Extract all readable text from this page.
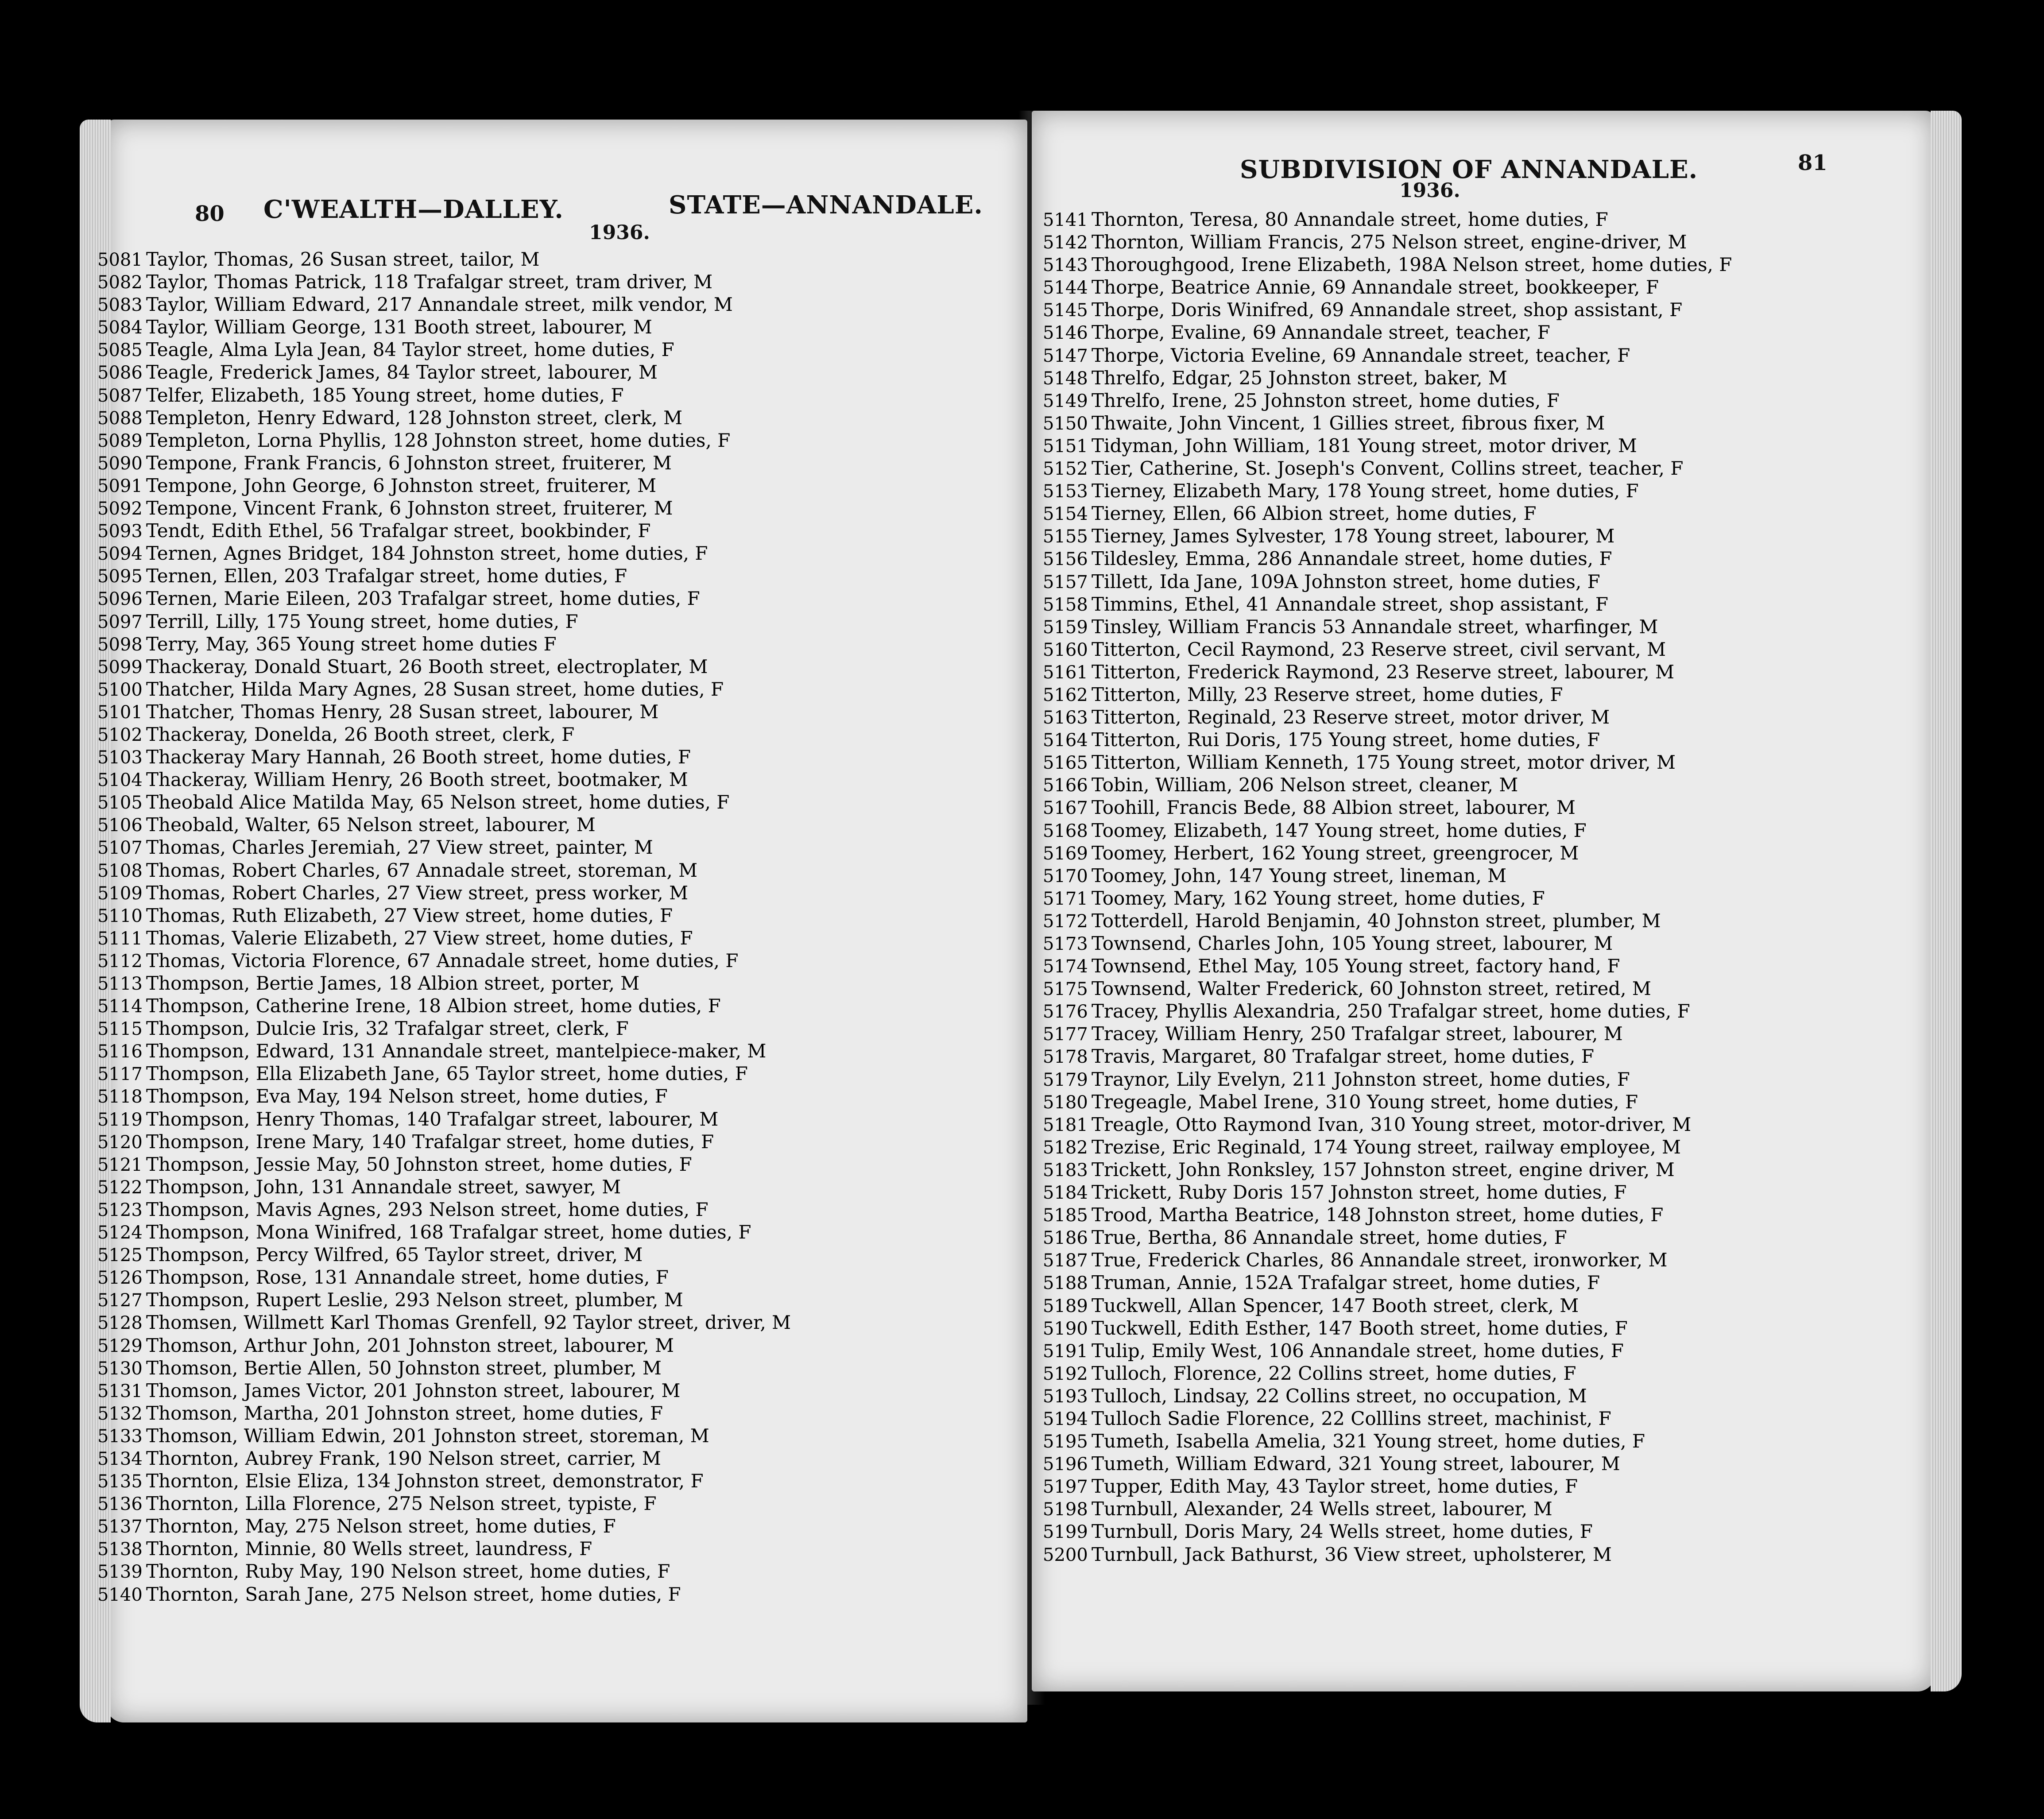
80 C'WEALTH—DALLEY.	STATE—ANNANDALE.
1936.
SUBDIVISION OF ANNANDALE.	81
1936.
5081 Taylor, Thomas, 26 Susan street, tailor, M
5082 Taylor, Thomas Patrick, 118 Trafalgar street, tram driver, M
5083 Taylor, William Edward, 217 Annandale street, milk vendor, M
5084 Taylor, William George, 131 Booth street, labourer, M
5085 Teagle, Alma Lyla Jean, 84 Taylor street, home duties, F
5086 Teagle, Frederick James, 84 Taylor street, labourer, M
5087 Telfer, Elizabeth, 185 Young street, home duties, F
5088 Templeton, Henry Edward, 128 Johnston street, clerk, M
5089 Templeton, Lorna Phyllis, 128 Johnston street, home duties, F
5090 Tempone, Frank Francis, 6 Johnston street, fruiterer, M
5091 Tempone, John George, 6 Johnston street, fruiterer, M
5092 Tempone, Vincent Frank, 6 Johnston street, fruiterer, M
5093 Tendt, Edith Ethel, 56 Trafalgar street, bookbinder, F
5094 Ternen, Agnes Bridget, 184 Johnston street, home duties, F
5095 Ternen, Ellen, 203 Trafalgar street, home duties, F
5096 Ternen, Marie Eileen, 203 Trafalgar street, home duties, F
5097 Terrill, Lilly, 175 Young street, home duties, F
5098 Terry, May, 365 Young street home duties F
5099 Thackeray, Donald Stuart, 26 Booth street, electroplater, M
5100 Thatcher, Hilda Mary Agnes, 28 Susan street, home duties, F
5101 Thatcher, Thomas Henry, 28 Susan street, labourer, M
5102 Thackeray, Donelda, 26 Booth street, clerk, F
5103 Thackeray Mary Hannah, 26 Booth street, home duties, F
5104 Thackeray, William Henry, 26 Booth street, bootmaker, M
5105 Theobald Alice Matilda May, 65 Nelson street, home duties, F
5106 Theobald, Walter, 65 Nelson street, labourer, M
5107 Thomas, Charles Jeremiah, 27 View street, painter, M
5108 Thomas, Robert Charles, 67 Annadale street, storeman, M
5109 Thomas, Robert Charles, 27 View street, press worker, M
5110 Thomas, Ruth Elizabeth, 27 View street, home duties, F
5111 Thomas, Valerie Elizabeth, 27 View street, home duties, F
5112 Thomas, Victoria Florence, 67 Annadale street, home duties, F
5113 Thompson, Bertie James, 18 Albion street, porter, M
5114 Thompson, Catherine Irene, 18 Albion street, home duties, F
5115 Thompson, Dulcie Iris, 32 Trafalgar street, clerk, F
5116 Thompson, Edward, 131 Annandale street, mantelpiece-maker, M
5117 Thompson, Ella Elizabeth Jane, 65 Taylor street, home duties, F
5118 Thompson, Eva May, 194 Nelson street, home duties, F
5119 Thompson, Henry Thomas, 140 Trafalgar street, labourer, M
5120 Thompson, Irene Mary, 140 Trafalgar street, home duties, F
5121 Thompson, Jessie May, 50 Johnston street, home duties, F
5122 Thompson, John, 131 Annandale street, sawyer, M
5123 Thompson, Mavis Agnes, 293 Nelson street, home duties, F
5124 Thompson, Mona Winifred, 168 Trafalgar street, home duties, F
5125 Thompson, Percy Wilfred, 65 Taylor street, driver, M
5126 Thompson, Rose, 131 Annandale street, home duties, F
5127 Thompson, Rupert Leslie, 293 Nelson street, plumber, M
5128 Thomsen, Willmett Karl Thomas Grenfell, 92 Taylor street, driver, M
5129 Thomson, Arthur John, 201 Johnston street, labourer, M
5130 Thomson, Bertie Allen, 50 Johnston street, plumber, M
5131 Thomson, James Victor, 201 Johnston street, labourer, M
5132 Thomson, Martha, 201 Johnston street, home duties, F
5133 Thomson, William Edwin, 201 Johnston street, storeman, M
5134 Thornton, Aubrey Frank, 190 Nelson street, carrier, M
5135 Thornton, Elsie Eliza, 134 Johnston street, demonstrator, F
5136 Thornton, Lilla Florence, 275 Nelson street, typiste, F
5137 Thornton, May, 275 Nelson street, home duties, F
5138 Thornton, Minnie, 80 Wells street, laundress, F
5139 Thornton, Ruby May, 190 Nelson street, home duties, F
5140 Thornton, Sarah Jane, 275 Nelson street, home duties, F
5141 Thornton, Teresa, 80 Annandale street, home duties, F
5142 Thornton, William Francis, 275 Nelson street, engine-driver, M
5143 Thoroughgood, Irene Elizabeth, 198A Nelson street, home duties, F
5144 Thorpe, Beatrice Annie, 69 Annandale street, bookkeeper, F
5145 Thorpe, Doris Winifred, 69 Annandale street, shop assistant, F
5146 Thorpe, Evaline, 69 Annandale street, teacher, F
5147 Thorpe, Victoria Eveline, 69 Annandale street, teacher, F
5148 Threlfo, Edgar, 25 Johnston street, baker, M
5149 Threlfo, Irene, 25 Johnston street, home duties, F
5150 Thwaite, John Vincent, 1 Gillies street, fibrous fixer, M
5151 Tidyman, John William, 181 Young street, motor driver, M
5152 Tier, Catherine, St. Joseph's Convent, Collins street, teacher, F
5153 Tierney, Elizabeth Mary, 178 Young street, home duties, F
5154 Tierney, Ellen, 66 Albion street, home duties, F
5155 Tierney, James Sylvester, 178 Young street, labourer, M
5156 Tildesley, Emma, 286 Annandale street, home duties, F
5157 Tillett, Ida Jane, 109A Johnston street, home duties, F
5158 Timmins, Ethel, 41 Annandale street, shop assistant, F
5159 Tinsley, William Francis 53 Annandale street, wharfinger, M
5160 Titterton, Cecil Raymond, 23 Reserve street, civil servant, M
5161 Titterton, Frederick Raymond, 23 Reserve street, labourer, M
5162 Titterton, Milly, 23 Reserve street, home duties, F
5163 Titterton, Reginald, 23 Reserve street, motor driver, M
5164 Titterton, Rui Doris, 175 Young street, home duties, F
5165 Titterton, William Kenneth, 175 Young street, motor driver, M
5166 Tobin, William, 206 Nelson street, cleaner, M
5167 Toohill, Francis Bede, 88 Albion street, labourer, M
5168 Toomey, Elizabeth, 147 Young street, home duties, F
5169 Toomey, Herbert, 162 Young street, greengrocer, M
5170 Toomey, John, 147 Young street, lineman, M
5171 Toomey, Mary, 162 Young street, home duties, F
5172 Totterdell, Harold Benjamin, 40 Johnston street, plumber, M
5173 Townsend, Charles John, 105 Young street, labourer, M
5174 Townsend, Ethel May, 105 Young street, factory hand, F
5175 Townsend, Walter Frederick, 60 Johnston street, retired, M
5176 Tracey, Phyllis Alexandria, 250 Trafalgar street, home duties, F
5177 Tracey, William Henry, 250 Trafalgar street, labourer, M
5178 Travis, Margaret, 80 Trafalgar street, home duties, F
5179 Traynor, Lily Evelyn, 211 Johnston street, home duties, F
5180 Tregeagle, Mabel Irene, 310 Young street, home duties, F
5181 Treagle, Otto Raymond Ivan, 310 Young street, motor-driver, M
5182 Trezise, Eric Reginald, 174 Young street, railway employee, M
5183 Trickett, John Ronksley, 157 Johnston street, engine driver, M
5184 Trickett, Ruby Doris 157 Johnston street, home duties, F
5185 Trood, Martha Beatrice, 148 Johnston street, home duties, F
5186 True, Bertha, 86 Annandale street, home duties, F
5187 True, Frederick Charles, 86 Annandale street, ironworker, M
5188 Truman, Annie, 152A Trafalgar street, home duties, F
5189 Tuckwell, Allan Spencer, 147 Booth street, clerk, M
5190 Tuckwell, Edith Esther, 147 Booth street, home duties, F
5191 Tulip, Emily West, 106 Annandale street, home duties, F
5192 Tulloch, Florence, 22 Collins street, home duties, F
5193 Tulloch, Lindsay, 22 Collins street, no occupation, M
5194 Tulloch Sadie Florence, 22 Colllins street, machinist, F
5195 Tumeth, Isabella Amelia, 321 Young street, home duties, F
5196 Tumeth, William Edward, 321 Young street, labourer, M
5197 Tupper, Edith May, 43 Taylor street, home duties, F
5198 Turnbull, Alexander, 24 Wells street, labourer, M
5199 Turnbull, Doris Mary, 24 Wells street, home duties, F
5200 Turnbull, Jack Bathurst, 36 View street, upholsterer, M
